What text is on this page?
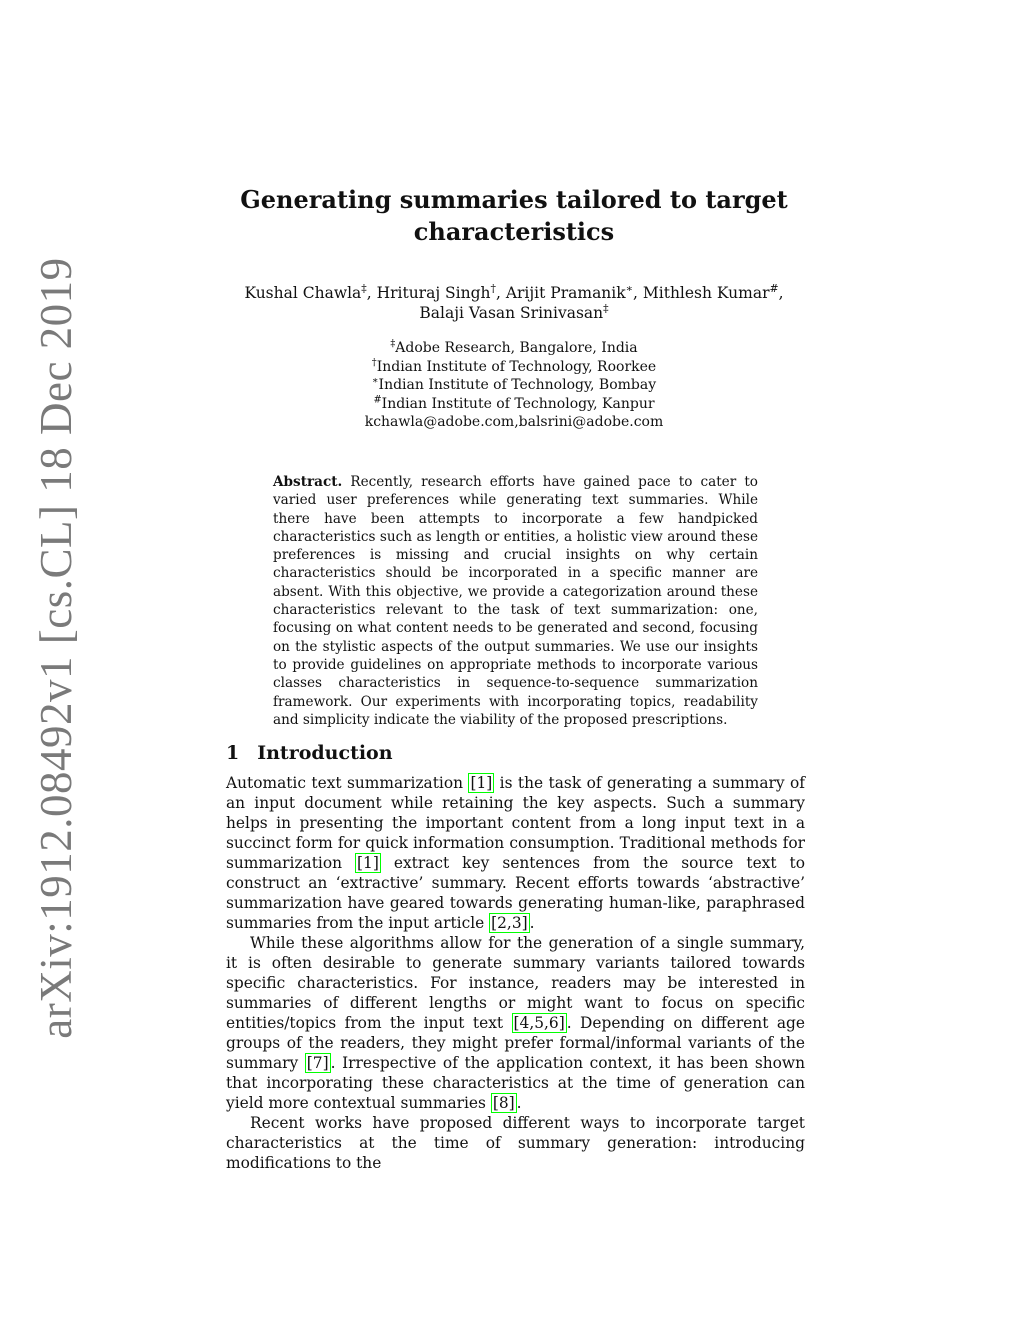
arXiv:1912.08492v1 [cs.CL] 18 Dec 2019
Generating summaries tailored to target
characteristics
Kushal Chawla‡, Hrituraj Singh†, Arijit Pramanik∗, Mithlesh Kumar#,
Balaji Vasan Srinivasan‡
‡Adobe Research, Bangalore, India
†Indian Institute of Technology, Roorkee
∗Indian Institute of Technology, Bombay
#Indian Institute of Technology, Kanpur
kchawla@adobe.com,balsrini@adobe.com
Abstract. Recently, research efforts have gained pace to cater to varied user preferences while generating text summaries. While there have been attempts to incorporate a few handpicked characteristics such as length or entities, a holistic view around these preferences is missing and crucial insights on why certain characteristics should be incorporated in a specific manner are absent. With this objective, we provide a categorization around these characteristics relevant to the task of text summarization: one, focusing on what content needs to be generated and second, focusing on the stylistic aspects of the output summaries. We use our insights to provide guidelines on appropriate methods to incorporate various classes characteristics in sequence-to-sequence summarization framework. Our experiments with incorporating topics, readability and simplicity indicate the viability of the proposed prescriptions.
1 Introduction

Automatic text summarization [1] is the task of generating a summary of an input document while retaining the key aspects. Such a summary helps in presenting the important content from a long input text in a succinct form for quick information consumption. Traditional methods for summarization [1] extract key sentences from the source text to construct an ‘extractive’ summary. Recent efforts towards ‘abstractive’ summarization have geared towards generating human-like, paraphrased summaries from the input article [2,3] .

While these algorithms allow for the generation of a single summary, it is often desirable to generate summary variants tailored towards specific characteristics. For instance, readers may be interested in summaries of different lengths or might want to focus on specific entities/topics from the input text [4,5,6] . Depending on different age groups of the readers, they might prefer formal/informal variants of the summary [7] . Irrespective of the application context, it has been shown that incorporating these characteristics at the time of generation can yield more contextual summaries [8] .

Recent works have proposed different ways to incorporate target characteristics at the time of summary generation: introducing modifications to the
